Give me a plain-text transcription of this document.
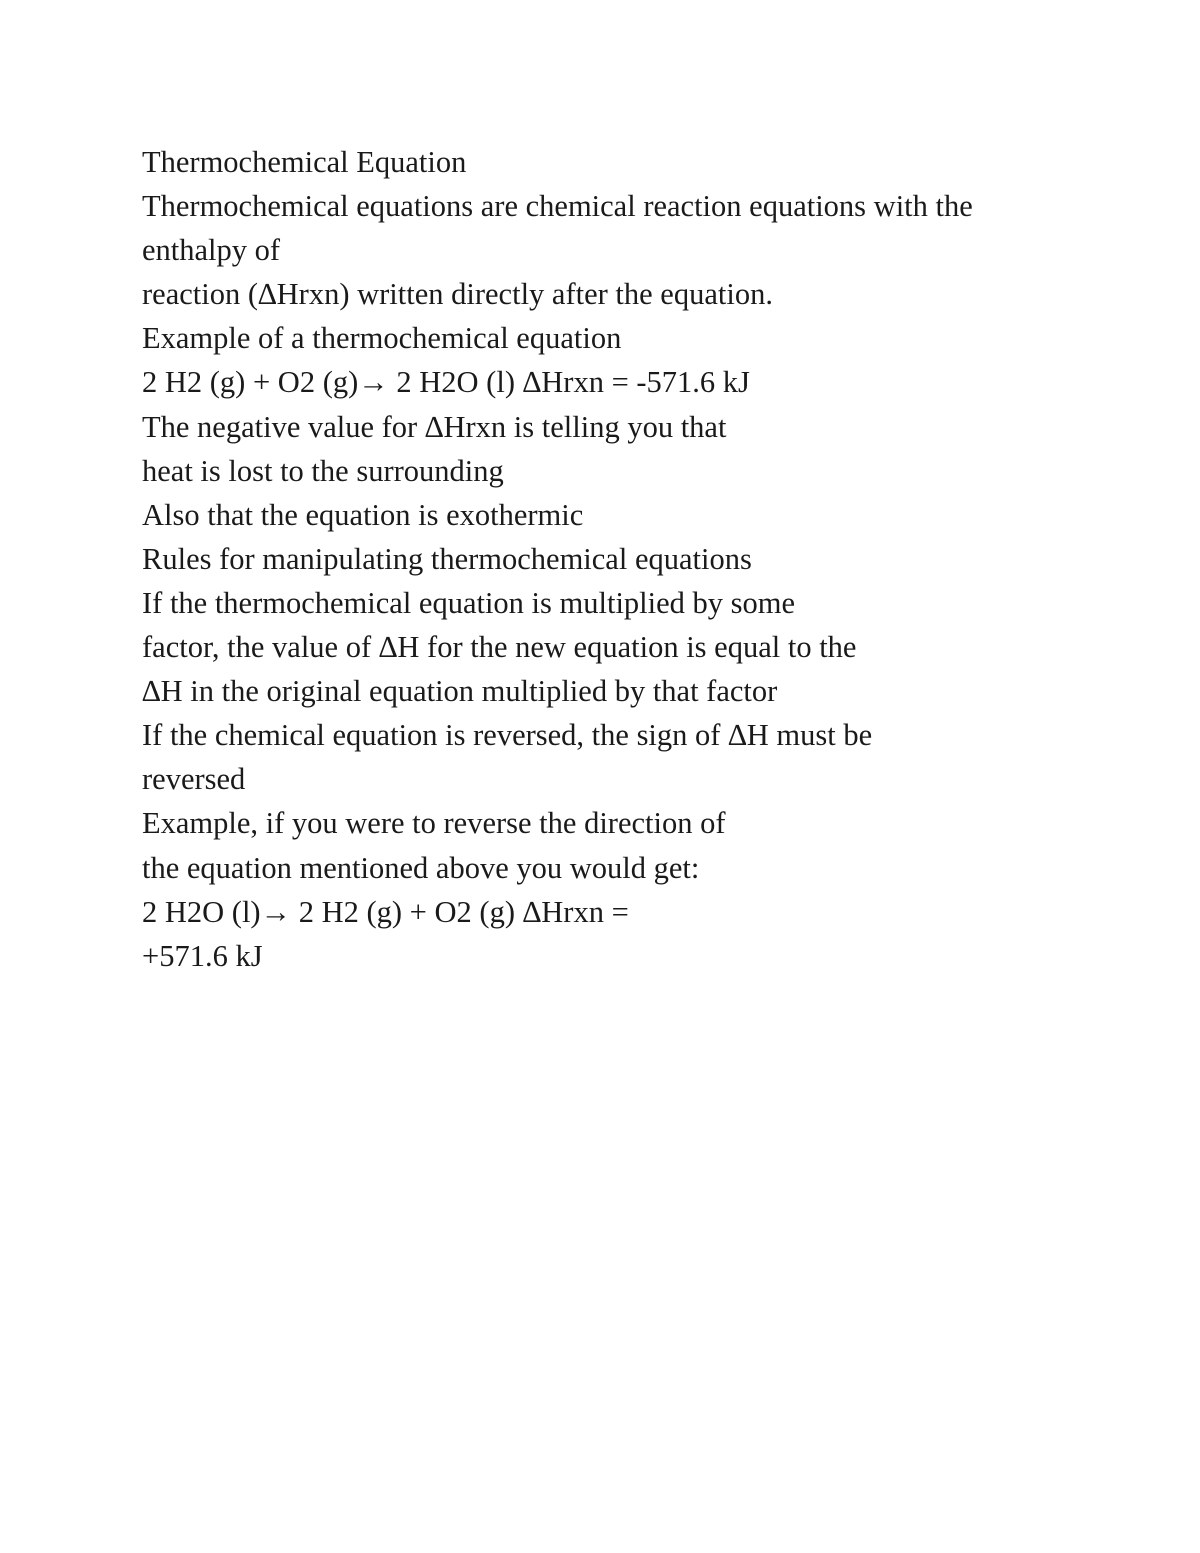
Thermochemical Equation
Thermochemical equations are chemical reaction equations with the
enthalpy of
reaction (∆Hrxn) written directly after the equation.
Example of a thermochemical equation
2 H2 (g) + O2 (g)→ 2 H2O (l) ∆Hrxn = -571.6 kJ
The negative value for ∆Hrxn is telling you that
heat is lost to the surrounding
Also that the equation is exothermic
Rules for manipulating thermochemical equations
If the thermochemical equation is multiplied by some
factor, the value of ∆H for the new equation is equal to the
∆H in the original equation multiplied by that factor
If the chemical equation is reversed, the sign of ∆H must be
reversed
Example, if you were to reverse the direction of
the equation mentioned above you would get:
2 H2O (l)→ 2 H2 (g) + O2 (g) ∆Hrxn =
+571.6 kJ
